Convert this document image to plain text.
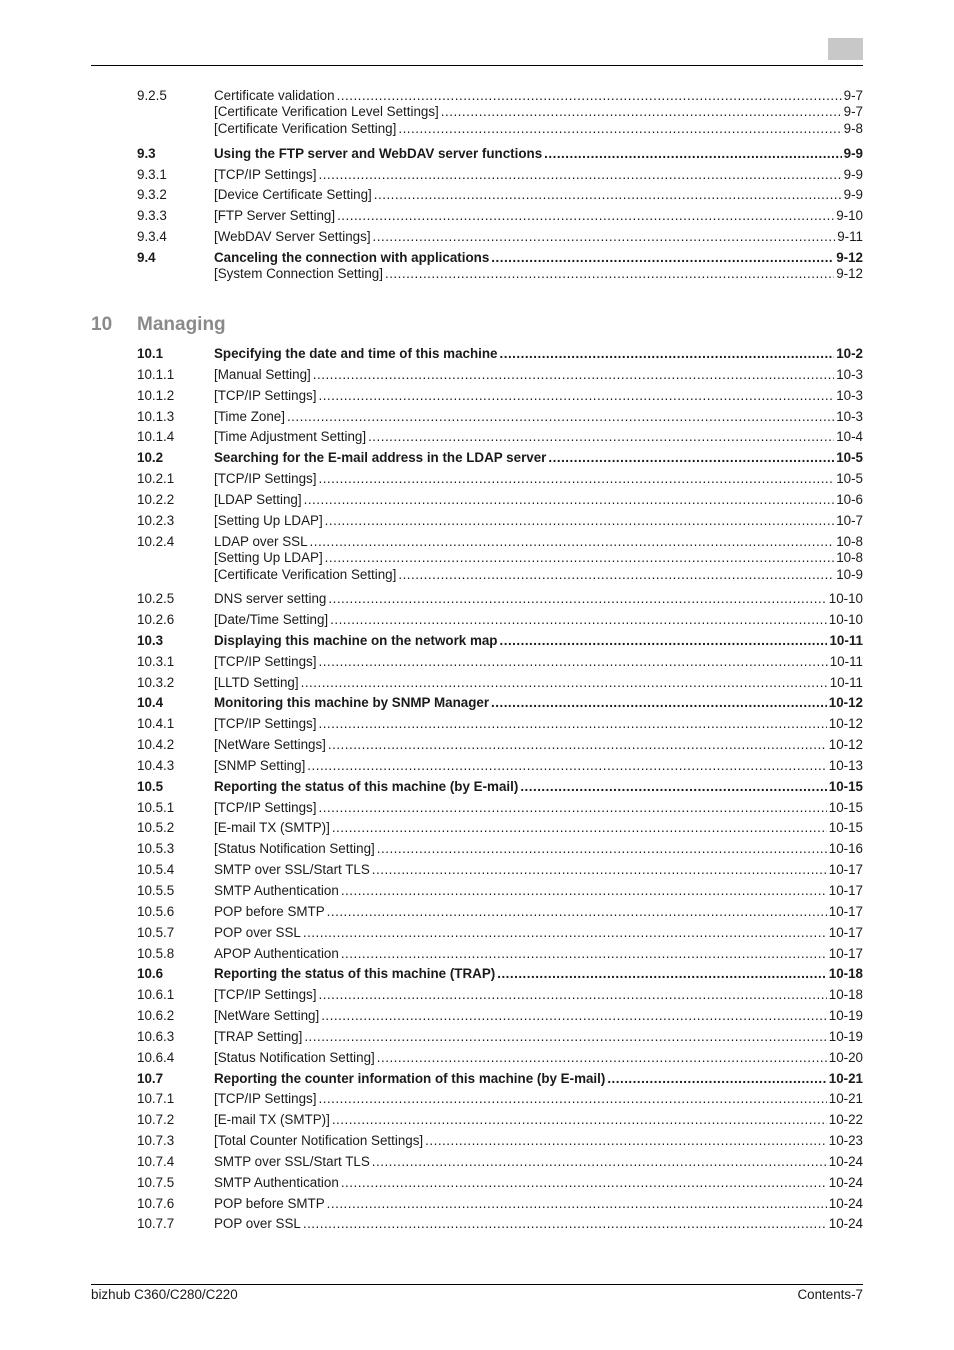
9.2.5	Certificate validation .....	9-7
[Certificate Verification Level Settings] .....	9-7
[Certificate Verification Setting] .....	9-8
9.3	Using the FTP server and WebDAV server functions .....	9-9
9.3.1	[TCP/IP Settings] .....	9-9
9.3.2	[Device Certificate Setting] .....	9-9
9.3.3	[FTP Server Setting] .....	9-10
9.3.4	[WebDAV Server Settings] .....	9-11
9.4	Canceling the connection with applications .....	9-12
[System Connection Setting] .....	9-12
10 Managing
10.1	Specifying the date and time of this machine .....	10-2
10.1.1	[Manual Setting] .....	10-3
10.1.2	[TCP/IP Settings] .....	10-3
10.1.3	[Time Zone] .....	10-3
10.1.4	[Time Adjustment Setting] .....	10-4
10.2	Searching for the E-mail address in the LDAP server .....	10-5
10.2.1	[TCP/IP Settings] .....	10-5
10.2.2	[LDAP Setting] .....	10-6
10.2.3	[Setting Up LDAP] .....	10-7
10.2.4	LDAP over SSL .....	10-8
[Setting Up LDAP] .....	10-8
[Certificate Verification Setting] .....	10-9
10.2.5	DNS server setting .....	10-10
10.2.6	[Date/Time Setting] .....	10-10
10.3	Displaying this machine on the network map .....	10-11
10.3.1	[TCP/IP Settings] .....	10-11
10.3.2	[LLTD Setting] .....	10-11
10.4	Monitoring this machine by SNMP Manager .....	10-12
10.4.1	[TCP/IP Settings] .....	10-12
10.4.2	[NetWare Settings] .....	10-12
10.4.3	[SNMP Setting] .....	10-13
10.5	Reporting the status of this machine (by E-mail) .....	10-15
10.5.1	[TCP/IP Settings] .....	10-15
10.5.2	[E-mail TX (SMTP)] .....	10-15
10.5.3	[Status Notification Setting] .....	10-16
10.5.4	SMTP over SSL/Start TLS .....	10-17
10.5.5	SMTP Authentication .....	10-17
10.5.6	POP before SMTP .....	10-17
10.5.7	POP over SSL .....	10-17
10.5.8	APOP Authentication .....	10-17
10.6	Reporting the status of this machine (TRAP) .....	10-18
10.6.1	[TCP/IP Settings] .....	10-18
10.6.2	[NetWare Setting] .....	10-19
10.6.3	[TRAP Setting] .....	10-19
10.6.4	[Status Notification Setting] .....	10-20
10.7	Reporting the counter information of this machine (by E-mail) .....	10-21
10.7.1	[TCP/IP Settings] .....	10-21
10.7.2	[E-mail TX (SMTP)] .....	10-22
10.7.3	[Total Counter Notification Settings] .....	10-23
10.7.4	SMTP over SSL/Start TLS .....	10-24
10.7.5	SMTP Authentication .....	10-24
10.7.6	POP before SMTP .....	10-24
10.7.7	POP over SSL .....	10-24
bizhub C360/C280/C220	Contents-7
